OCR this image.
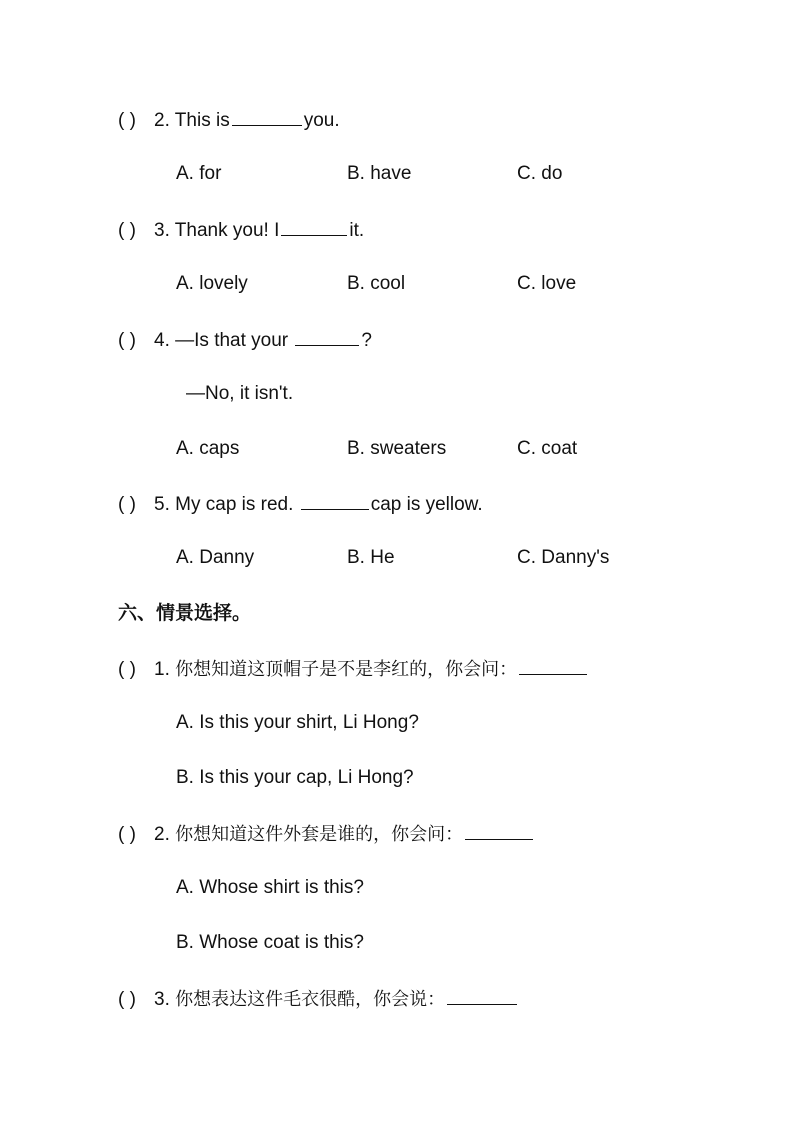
( ) 2. This is	you.
A. for	B. have	C. do
( ) 3. Thank you! I	it.
A. lovely	B. cool	C. love
( ) 4. —Is that your	?
—No, it isn't.
A. caps	B. sweaters	C. coat
( ) 5. My cap is red.	cap is yellow.
A. Danny	B. He	C. Danny's
六、情景选择。
( ) 1. 你想知道这顶帽子是不是李红的，你会问：
A. Is this your shirt, Li Hong?
B. Is this your cap, Li Hong?
( ) 2. 你想知道这件外套是谁的，你会问：
A. Whose shirt is this?
B. Whose coat is this?
( ) 3. 你想表达这件毛衣很酷，你会说：
